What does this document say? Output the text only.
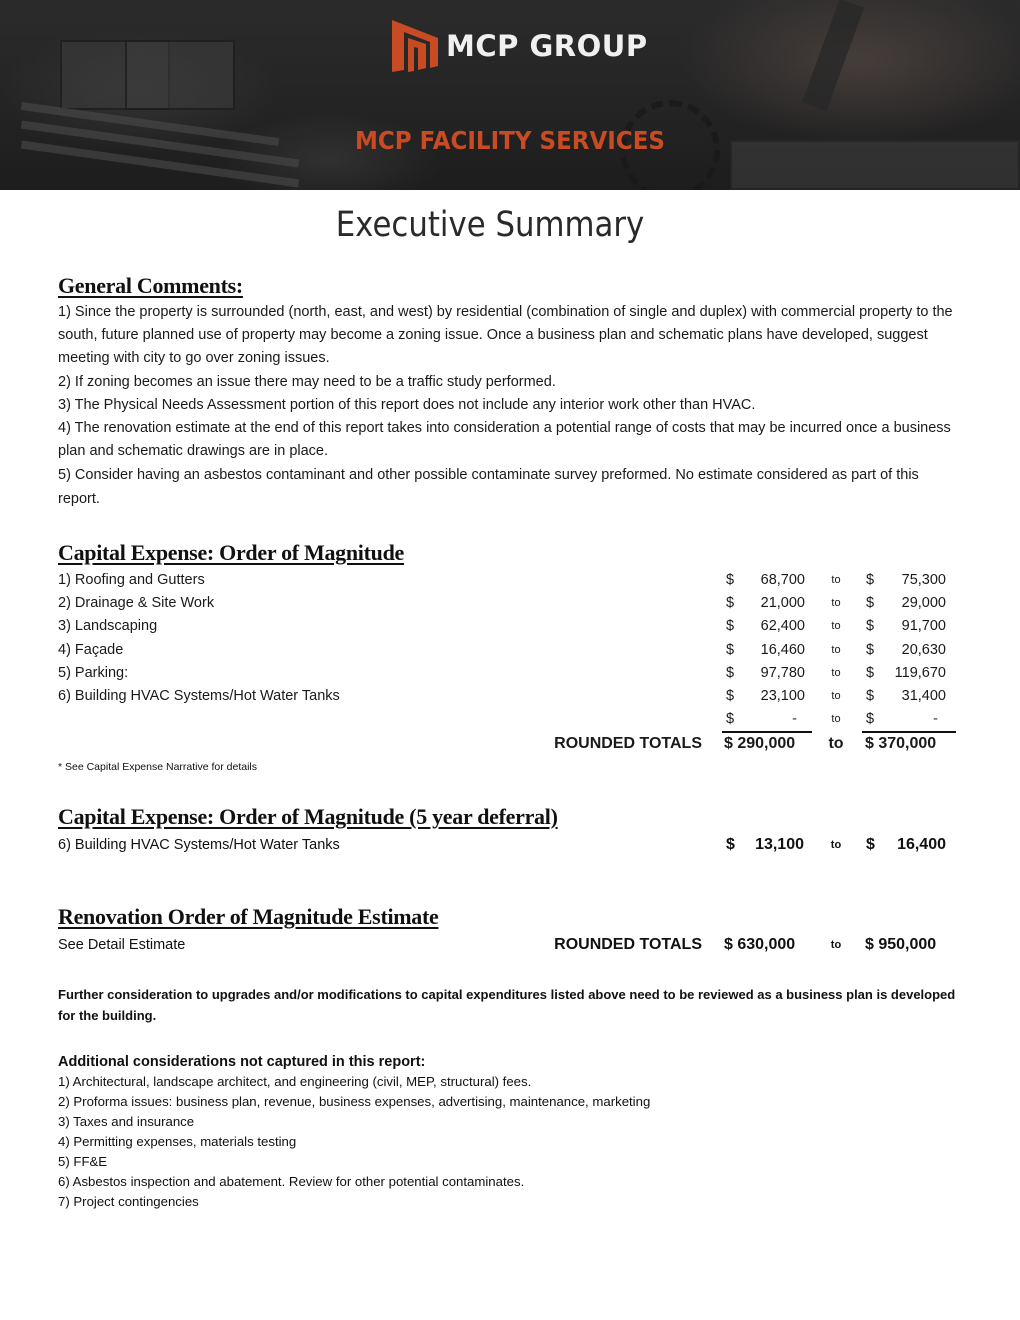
MCP GROUP
MCP FACILITY SERVICES
Executive Summary
General Comments:
1) Since the property is surrounded (north, east, and west) by residential (combination of single and duplex) with commercial property to the south, future planned use of property may become a zoning issue. Once a business plan and schematic plans have developed, suggest meeting with city to go over zoning issues.
2) If zoning becomes an issue there may need to be a traffic study performed.
3) The Physical Needs Assessment portion of this report does not include any interior work other than HVAC.
4) The renovation estimate at the end of this report takes into consideration a potential range of costs that may be incurred once a business plan and schematic drawings are in place.
5) Consider having an asbestos contaminant and other possible contaminate survey preformed. No estimate considered as part of this report.
Capital Expense: Order of Magnitude
1) Roofing and Gutters	$	68,700	to $	75,300
2) Drainage & Site Work	$	21,000	to $	29,000
3) Landscaping	$	62,400	to $	91,700
4) Façade	$	16,460	to $	20,630
5) Parking:	$	97,780	to $	119,670
6) Building HVAC Systems/Hot Water Tanks	$	23,100	to $	31,400
$	-	to $	-
ROUNDED TOTALS $ 290,000	to $ 370,000
* See Capital Expense Narrative for details
Capital Expense: Order of Magnitude (5 year deferral)
6) Building HVAC Systems/Hot Water Tanks	$	13,100 to $	16,400
Renovation Order of Magnitude Estimate
See Detail Estimate	ROUNDED TOTALS $ 630,000	to $ 950,000
Further consideration to upgrades and/or modifications to capital expenditures listed above need to be reviewed as a business plan is developed for the building.
Additional considerations not captured in this report:
1) Architectural, landscape architect, and engineering (civil, MEP, structural) fees.
2) Proforma issues: business plan, revenue, business expenses, advertising, maintenance, marketing
3) Taxes and insurance
4) Permitting expenses, materials testing
5) FF&E
6) Asbestos inspection and abatement. Review for other potential contaminates.
7) Project contingencies
